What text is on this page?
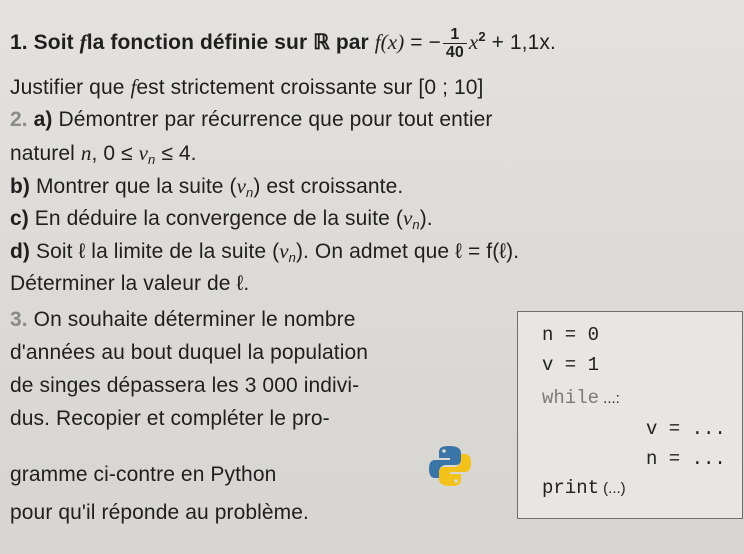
1. Soit fla fonction définie sur ℝ par f(x) = − $\frac{1}{40} x^2 + 1,1x$.
Justifier que fest strictement croissante sur [0 ; 10]
2. a) Démontrer par récurrence que pour tout entier
naturel n, $0 \le v_n \le 4$.
b) Montrer que la suite $(v_n)$ est croissante.
c) En déduire la convergence de la suite $(v_n)$.
d) Soit ℓ la limite de la suite $(v_n)$. On admet que ℓ = f(ℓ).
Déterminer la valeur de ℓ.
3. On souhaite déterminer le nombre
d'années au bout duquel la population
de singes dépassera les 3 000 indivi-
dus. Recopier et compléter le pro-
gramme ci-contre en Python
pour qu'il réponde au problème.
n = 0
v = 1
while ...:
v = ...
n = ...
print (...)
